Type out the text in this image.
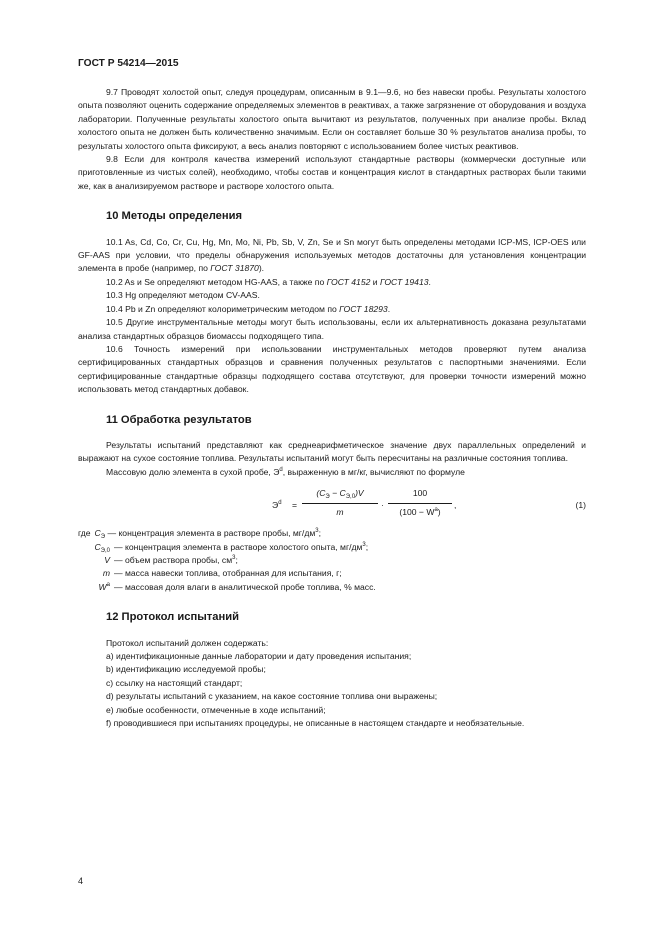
ГОСТ Р 54214—2015

9.7 Проводят холостой опыт, следуя процедурам, описанным в 9.1—9.6, но без навески пробы. Результаты холостого опыта позволяют оценить содержание определяемых элементов в реактивах, а также загрязнение от оборудования и воздуха лаборатории. Полученные результаты холостого опыта вычитают из результатов, полученных при анализе пробы. Вклад холостого опыта не должен быть количественно значимым. Если он составляет больше 30 % результатов анализа пробы, то результаты холостого опыта фиксируют, а весь анализ повторяют с использованием более чистых реактивов.

9.8 Если для контроля качества измерений используют стандартные растворы (коммерчески доступные или приготовленные из чистых солей), необходимо, чтобы состав и концентрация кислот в стандартных растворах были такими же, как в анализируемом растворе и растворе холостого опыта.

10 Методы определения

10.1 As, Cd, Co, Cr, Cu, Hg, Mn, Mo, Ni, Pb, Sb, V, Zn, Se и Sn могут быть определены методами ICP-MS, ICP-OES или GF-AAS при условии, что пределы обнаружения используемых методов достаточны для установления концентрации элемента в пробе (например, по ГОСТ 31870).

10.2 As и Se определяют методом HG-AAS, а также по ГОСТ 4152 и ГОСТ 19413.

10.3 Hg определяют методом CV-AAS.

10.4 Pb и Zn определяют колориметрическим методом по ГОСТ 18293.

10.5 Другие инструментальные методы могут быть использованы, если их альтернативность доказана результатами анализа стандартных образцов биомассы подходящего типа.

10.6 Точность измерений при использовании инструментальных методов проверяют путем анализа сертифицированных стандартных образцов и сравнения полученных результатов с паспортными значениями. Если сертифицированные стандартные образцы подходящего состава отсутствуют, для проверки точности измерений можно использовать метод стандартных добавок.

11 Обработка результатов

Результаты испытаний представляют как среднеарифметическое значение двух параллельных определений и выражают на сухое состояние топлива. Результаты испытаний могут быть пересчитаны на различные состояния топлива.

Массовую долю элемента в сухой пробе, $Э^d$, выраженную в мг/кг, вычисляют по формуле

$Э^d$ =
$(C_Э - C_{Э,0})V$
m
· $\frac{100}{(100 - W^a)}$ ,	(1)
где $C_Э$ — концентрация элемента в растворе пробы, $мг/дм^3$;
$C_{Э,0}$ — концентрация элемента в растворе холостого опыта, $мг/дм^3$;
V — объем раствора пробы, $см^3$;
m — масса навески топлива, отобранная для испытания, г;
$W^a$ — массовая доля влаги в аналитической пробе топлива, % масс.
12 Протокол испытаний

Протокол испытаний должен содержать:

а) идентификационные данные лаборатории и дату проведения испытания;

b) идентификацию исследуемой пробы;

с) ссылку на настоящий стандарт;

d) результаты испытаний с указанием, на какое состояние топлива они выражены;

е) любые особенности, отмеченные в ходе испытаний;

f) проводившиеся при испытаниях процедуры, не описанные в настоящем стандарте и необязательные.

4
